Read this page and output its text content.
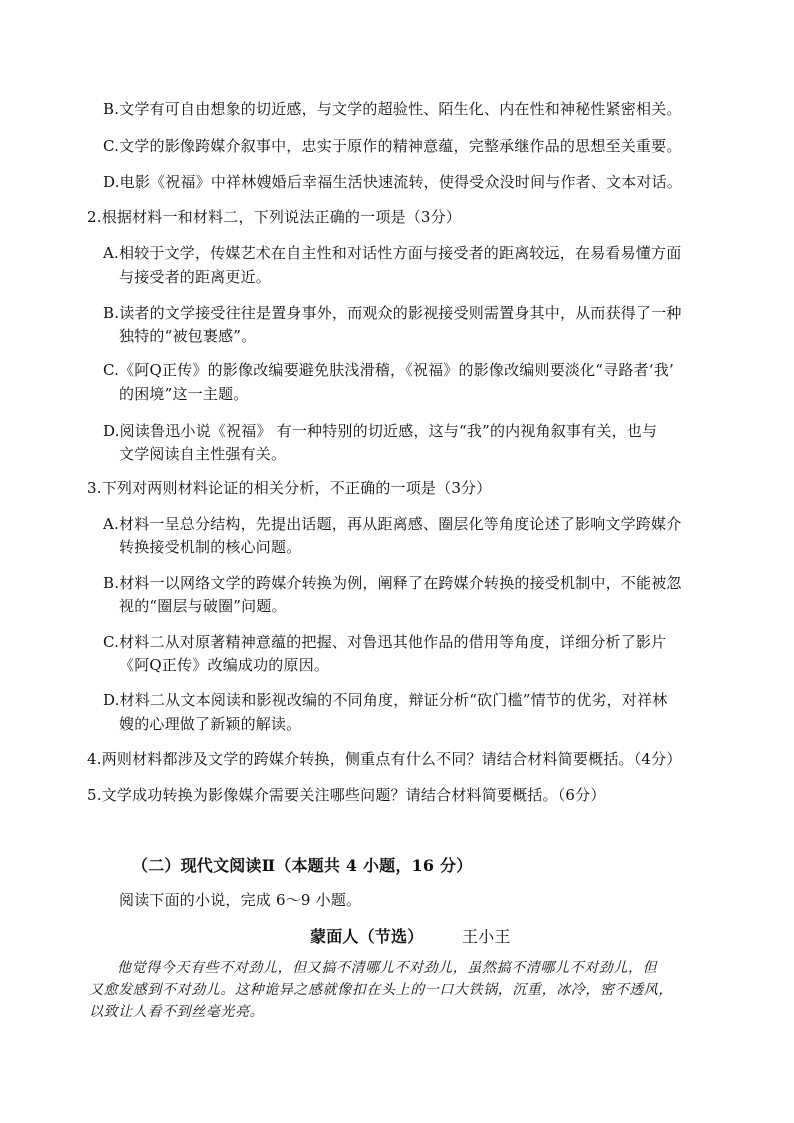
B.文学有可自由想象的切近感，与文学的超验性、陌生化、内在性和神秘性紧密相关。
C.文学的影像跨媒介叙事中，忠实于原作的精神意蕴，完整承继作品的思想至关重要。
D.电影《祝福》中祥林嫂婚后幸福生活快速流转，使得受众没时间与作者、文本对话。
2.根据材料一和材料二，下列说法正确的一项是（3分）
A.相较于文学，传媒艺术在自主性和对话性方面与接受者的距离较远，在易看易懂方面
与接受者的距离更近。
B.读者的文学接受往往是置身事外，而观众的影视接受则需置身其中，从而获得了一种
独特的“被包裹感”。
C.《阿Q正传》的影像改编要避免肤浅滑稽，《祝福》的影像改编则要淡化“寻路者‘我’
的困境”这一主题。
D.阅读鲁迅小说《祝福》 有一种特别的切近感，这与“我”的内视角叙事有关，也与
文学阅读自主性强有关。
3.下列对两则材料论证的相关分析，不正确的一项是（3分）
A.材料一呈总分结构，先提出话题，再从距离感、圈层化等角度论述了影响文学跨媒介
转换接受机制的核心问题。
B.材料一以网络文学的跨媒介转换为例，阐释了在跨媒介转换的接受机制中，不能被忽
视的“圈层与破圈”问题。
C.材料二从对原著精神意蕴的把握、对鲁迅其他作品的借用等角度，详细分析了影片
《阿Q正传》改编成功的原因。
D.材料二从文本阅读和影视改编的不同角度，辩证分析“砍门槛”情节的优劣，对祥林
嫂的心理做了新颖的解读。
4.两则材料都涉及文学的跨媒介转换，侧重点有什么不同？请结合材料简要概括。（4分）
5.文学成功转换为影像媒介需要关注哪些问题？请结合材料简要概括。（6分）
（二）现代文阅读Ⅱ（本题共 4 小题，16 分）
阅读下面的小说，完成 6～9 小题。
蒙面人（节选） 王小王
他觉得今天有些不对劲儿，但又搞不清哪儿不对劲儿，虽然搞不清哪儿不对劲儿，但
又愈发感到不对劲儿。这种诡异之感就像扣在头上的一口大铁锅，沉重，冰冷，密不透风，
以致让人看不到丝毫光亮。
